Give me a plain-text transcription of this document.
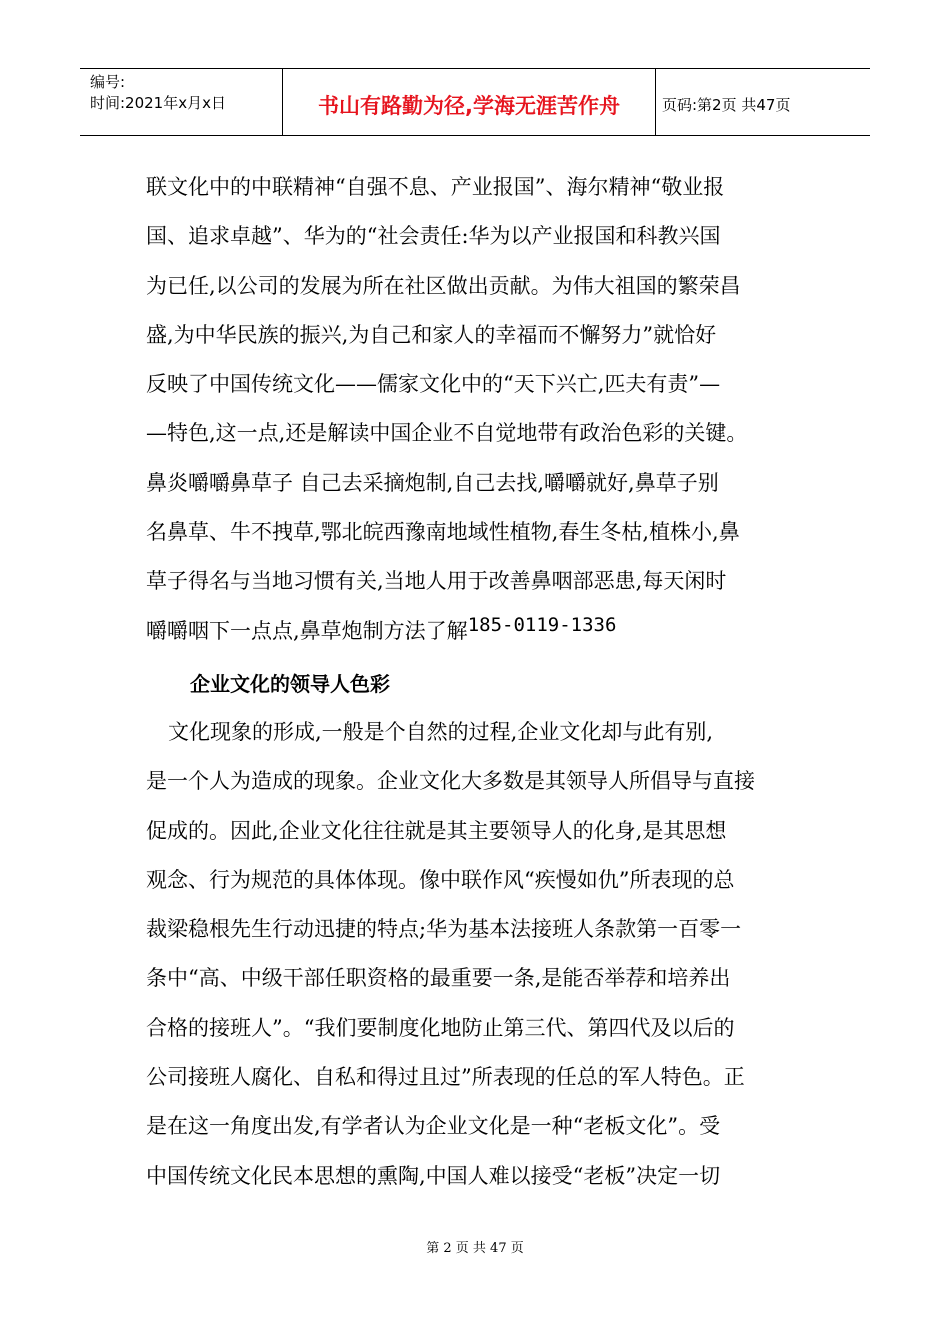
编号:
时间:2021年x月x日	书山有路勤为径,学海无涯苦作舟	页码:第2页 共47页

联文化中的中联精神“自强不息、产业报国”、海尔精神“敬业报

国、追求卓越”、华为的“社会责任:华为以产业报国和科教兴国

为已任,以公司的发展为所在社区做出贡献。为伟大祖国的繁荣昌

盛,为中华民族的振兴,为自己和家人的幸福而不懈努力”就恰好

反映了中国传统文化——儒家文化中的“天下兴亡,匹夫有责”—

—特色,这一点,还是解读中国企业不自觉地带有政治色彩的关键。

鼻炎嚼嚼鼻草子 自己去采摘炮制,自己去找,嚼嚼就好,鼻草子别

名鼻草、牛不拽草,鄂北皖西豫南地域性植物,春生冬枯,植株小,鼻

草子得名与当地习惯有关,当地人用于改善鼻咽部恶患,每天闲时

嚼嚼咽下一点点,鼻草炮制方法了解185-0119-1336

企业文化的领导人色彩

文化现象的形成,一般是个自然的过程,企业文化却与此有别,

是一个人为造成的现象。企业文化大多数是其领导人所倡导与直接

促成的。因此,企业文化往往就是其主要领导人的化身,是其思想

观念、行为规范的具体体现。像中联作风“疾慢如仇”所表现的总

裁梁稳根先生行动迅捷的特点;华为基本法接班人条款第一百零一

条中“高、中级干部任职资格的最重要一条,是能否举荐和培养出

合格的接班人”。“我们要制度化地防止第三代、第四代及以后的

公司接班人腐化、自私和得过且过”所表现的任总的军人特色。正

是在这一角度出发,有学者认为企业文化是一种“老板文化”。受

中国传统文化民本思想的熏陶,中国人难以接受“老板”决定一切

第 2 页 共 47 页
